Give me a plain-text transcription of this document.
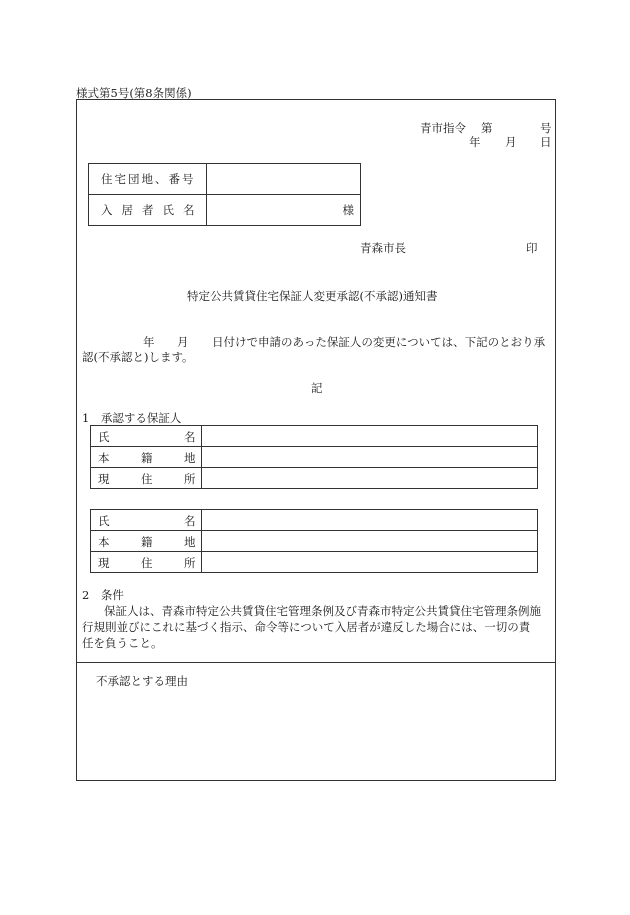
様式第5号(第8条関係)
青市指令 第	号
年 月 日
住宅団地、番号	

入居者氏名	様
青森市長	印
特定公共賃貸住宅保証人変更承認(不承認)通知書
年 月 日付けで申請のあった保証人の変更については、下記のとおり承
認(不承認と)します。
記
1　承認する保証人
氏 名	

本 籍 地	

現 住 所	

氏 名	

本 籍 地	

現 住 所	

2　条件
保証人は、青森市特定公共賃貸住宅管理条例及び青森市特定公共賃貸住宅管理条例施
行規則並びにこれに基づく指示、命令等について入居者が違反した場合には、一切の責
任を負うこと。
不承認とする理由
